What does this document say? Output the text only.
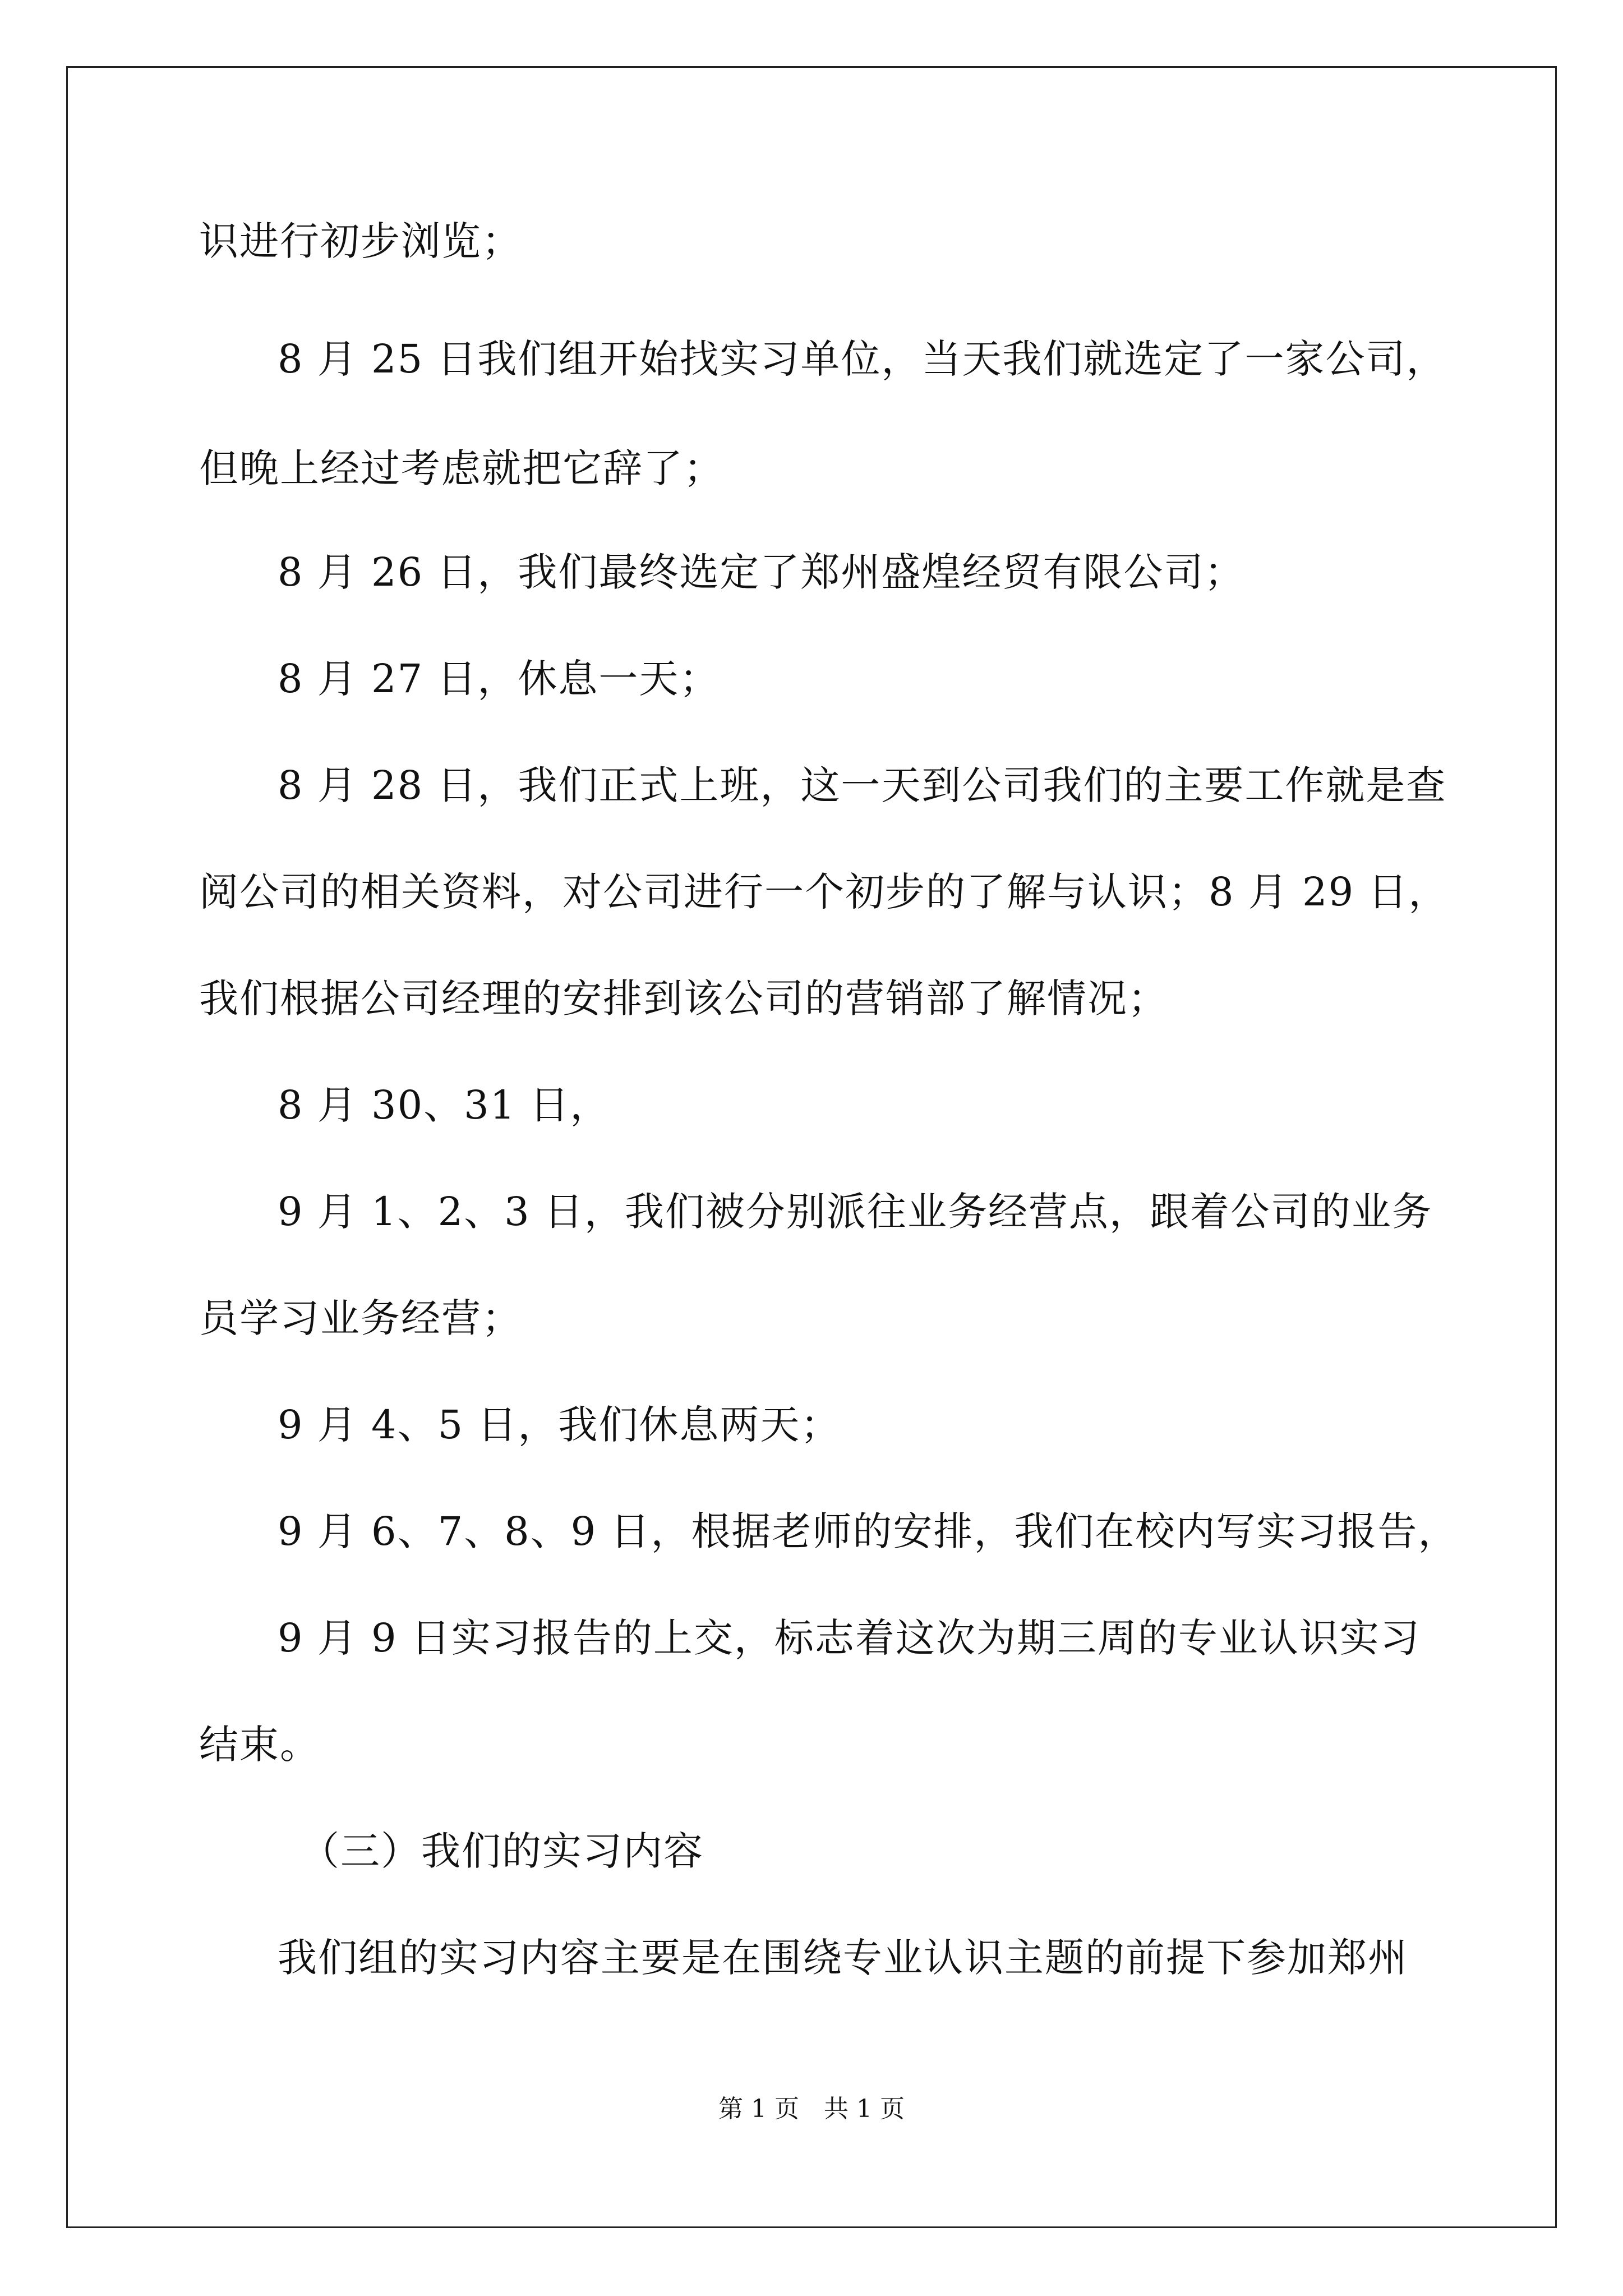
识进行初步浏览；
8 月 25 日我们组开始找实习单位，当天我们就选定了一家公司，
但晚上经过考虑就把它辞了；
8 月 26 日，我们最终选定了郑州盛煌经贸有限公司；
8 月 27 日，休息一天；
8 月 28 日，我们正式上班，这一天到公司我们的主要工作就是查
阅公司的相关资料，对公司进行一个初步的了解与认识；8 月 29 日，
我们根据公司经理的安排到该公司的营销部了解情况；
8 月 30、31 日，
9 月 1、2、3 日，我们被分别派往业务经营点，跟着公司的业务
员学习业务经营；
9 月 4、5 日，我们休息两天；
9 月 6、7、8、9 日，根据老师的安排，我们在校内写实习报告，
9 月 9 日实习报告的上交，标志着这次为期三周的专业认识实习
结束。
（三）我们的实习内容
我们组的实习内容主要是在围绕专业认识主题的前提下参加郑州
第 1 页　共 1 页
